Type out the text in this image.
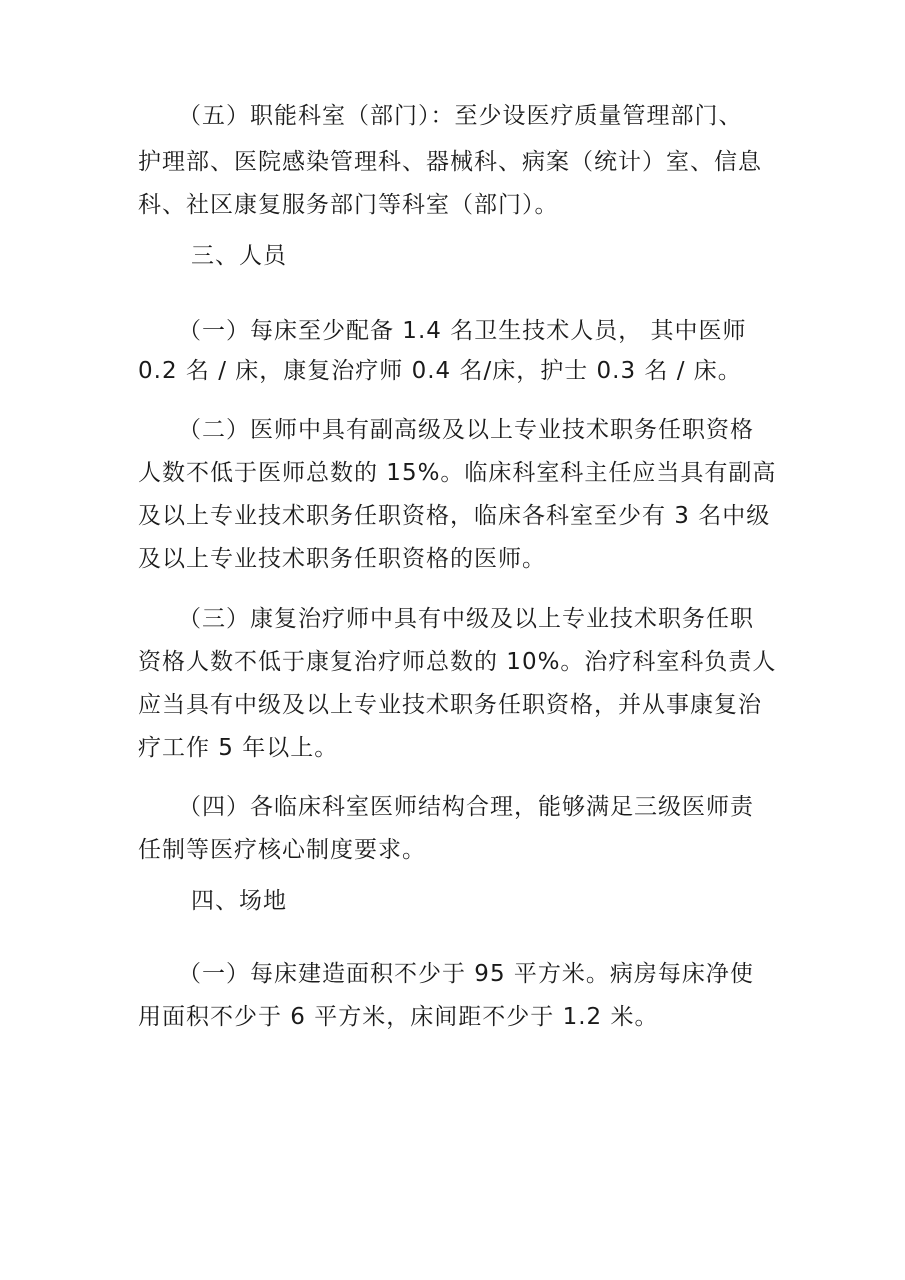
（五）职能科室（部门）：至少设医疗质量管理部门、
护理部、医院感染管理科、器械科、病案（统计）室、信息
科、社区康复服务部门等科室（部门）。
三、人员
（一）每床至少配备 1.4 名卫生技术人员， 其中医师
0.2 名 / 床，康复治疗师 0.4 名/床，护士 0.3 名 / 床。
（二）医师中具有副高级及以上专业技术职务任职资格
人数不低于医师总数的 15%。临床科室科主任应当具有副高
及以上专业技术职务任职资格，临床各科室至少有 3 名中级
及以上专业技术职务任职资格的医师。
（三）康复治疗师中具有中级及以上专业技术职务任职
资格人数不低于康复治疗师总数的 10%。治疗科室科负责人
应当具有中级及以上专业技术职务任职资格，并从事康复治
疗工作 5 年以上。
（四）各临床科室医师结构合理，能够满足三级医师责
任制等医疗核心制度要求。
四、场地
（一）每床建造面积不少于 95 平方米。病房每床净使
用面积不少于 6 平方米，床间距不少于 1.2 米。
